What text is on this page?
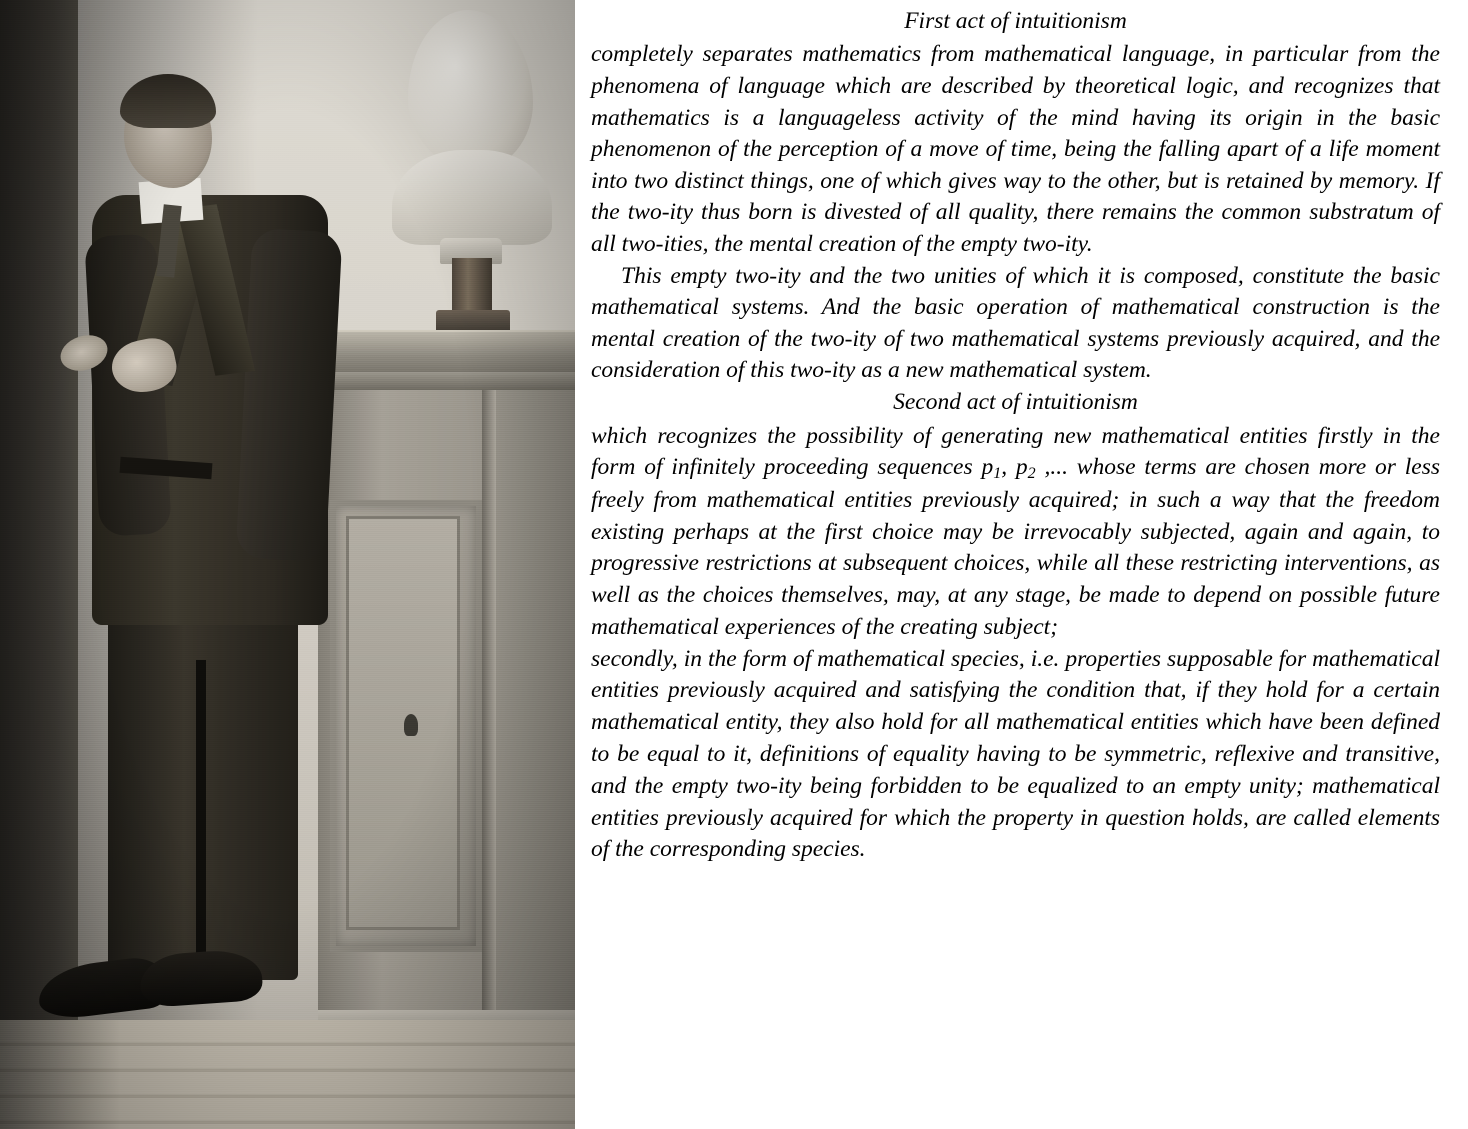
First act of intuitionism

completely separates mathematics from mathematical language, in particular from the phenomena of language which are described by theoretical logic, and recognizes that mathematics is a languageless activity of the mind having its origin in the basic phenomenon of the perception of a move of time, being the falling apart of a life moment into two distinct things, one of which gives way to the other, but is retained by memory. If the two-ity thus born is divested of all quality, there remains the common substratum of all two-ities, the mental creation of the empty two-ity.

This empty two-ity and the two unities of which it is composed, constitute the basic mathematical systems. And the basic operation of mathematical construction is the mental creation of the two-ity of two mathematical systems previously acquired, and the consideration of this two-ity as a new mathematical system.

Second act of intuitionism

which recognizes the possibility of generating new mathematical entities firstly in the form of infinitely proceeding sequences $p_1$, $p_2$ ,... whose terms are chosen more or less freely from mathematical entities previously acquired; in such a way that the freedom existing perhaps at the first choice may be irrevocably subjected, again and again, to progressive restrictions at subsequent choices, while all these restricting interventions, as well as the choices themselves, may, at any stage, be made to depend on possible future mathematical experiences of the creating subject;

secondly, in the form of mathematical species, i.e. properties supposable for mathematical entities previously acquired and satisfying the condition that, if they hold for a certain mathematical entity, they also hold for all mathematical entities which have been defined to be equal to it, definitions of equality having to be symmetric, reflexive and transitive, and the empty two-ity being forbidden to be equalized to an empty unity; mathematical entities previously acquired for which the property in question holds, are called elements of the corresponding species.
